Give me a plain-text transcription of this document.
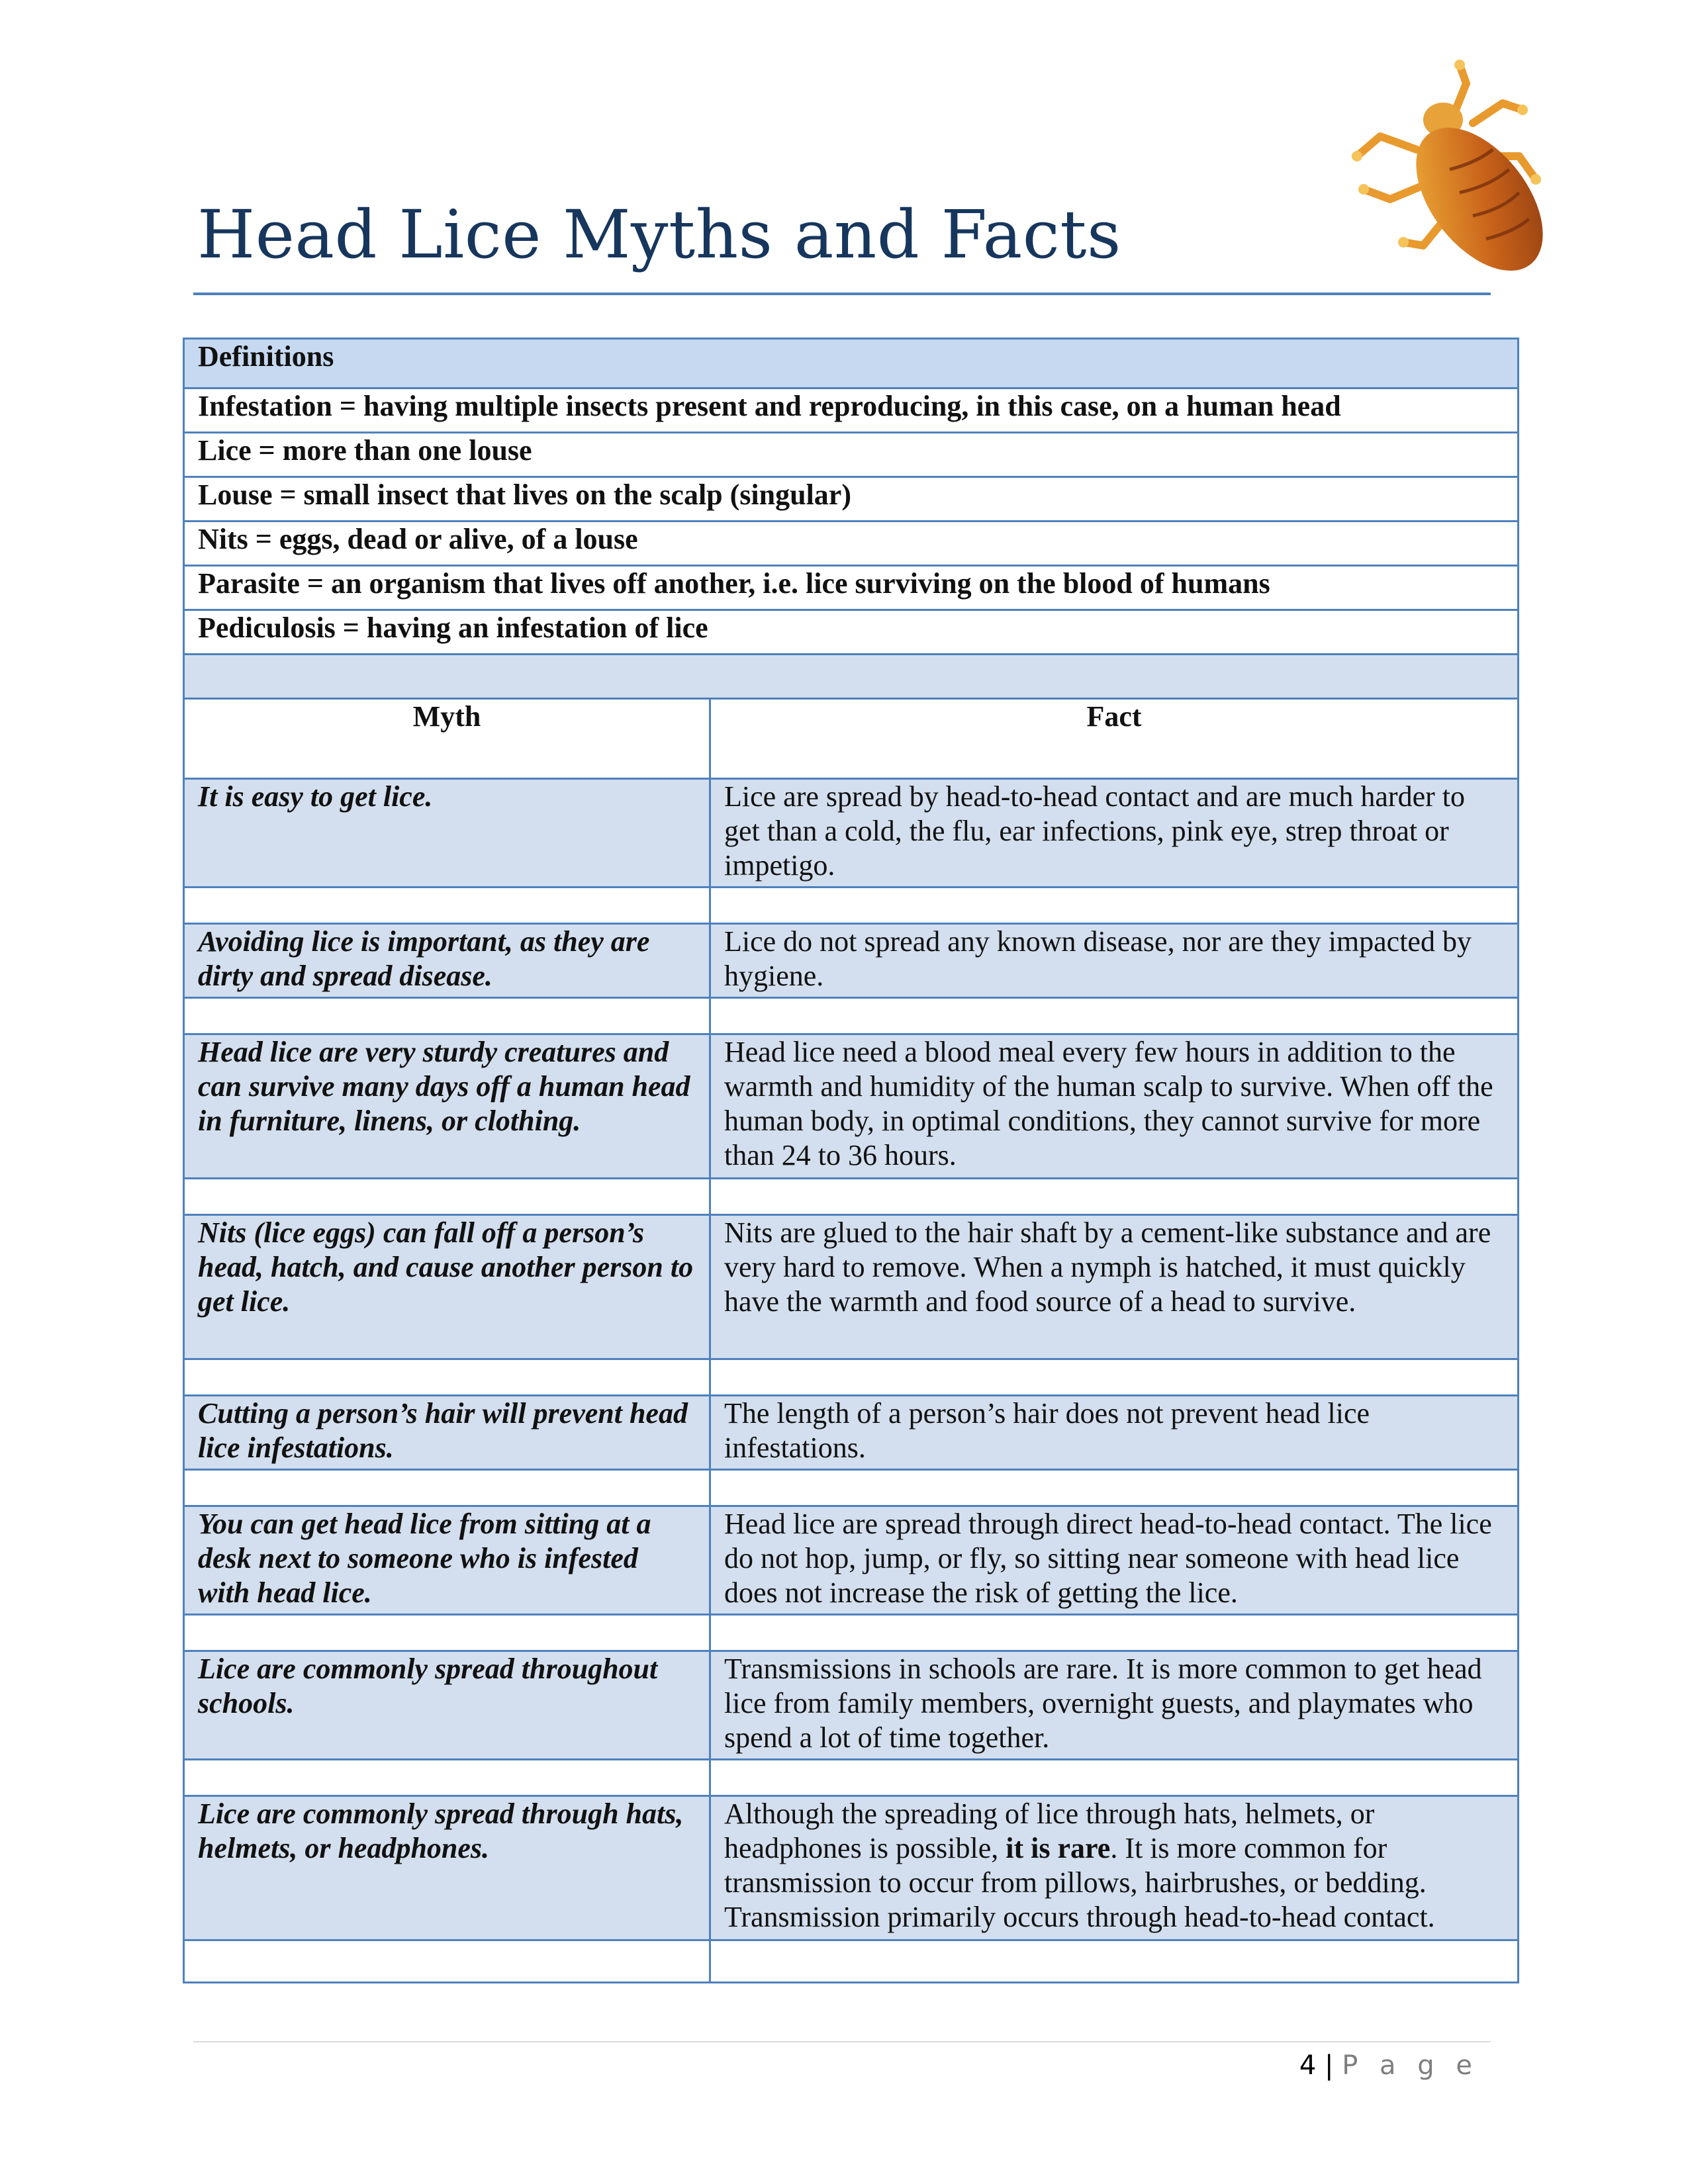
Head Lice Myths and Facts
Definitions	
Infestation = having multiple insects present and reproducing, in this case, on a human head	
Lice = more than one louse	
Louse = small insect that lives on the scalp (singular)	
Nits = eggs, dead or alive, of a louse	
Parasite = an organism that lives off another, i.e. lice surviving on the blood of humans	
Pediculosis = having an infestation of lice	

Myth	Fact
It is easy to get lice.	Lice are spread by head-to-head contact and are much harder to get than a cold, the flu, ear infections, pink eye, strep throat or impetigo.

Avoiding lice is important, as they are dirty and spread disease.	Lice do not spread any known disease, nor are they impacted by hygiene.

Head lice are very sturdy creatures and can survive many days off a human head in furniture, linens, or clothing.	Head lice need a blood meal every few hours in addition to the warmth and humidity of the human scalp to survive. When off the human body, in optimal conditions, they cannot survive for more than 24 to 36 hours.

Nits (lice eggs) can fall off a person’s head, hatch, and cause another person to get lice.	Nits are glued to the hair shaft by a cement-like substance and are very hard to remove. When a nymph is hatched, it must quickly have the warmth and food source of a head to survive.

Cutting a person’s hair will prevent head lice infestations.	The length of a person’s hair does not prevent head lice infestations.

You can get head lice from sitting at a desk next to someone who is infested with head lice.	Head lice are spread through direct head-to-head contact. The lice do not hop, jump, or fly, so sitting near someone with head lice does not increase the risk of getting the lice.

Lice are commonly spread throughout schools.	Transmissions in schools are rare. It is more common to get head lice from family members, overnight guests, and playmates who spend a lot of time together.

Lice are commonly spread through hats, helmets, or headphones.	Although the spreading of lice through hats, helmets, or headphones is possible, it is rare. It is more common for transmission to occur from pillows, hairbrushes, or bedding. Transmission primarily occurs through head-to-head contact.

4 | P a g e
